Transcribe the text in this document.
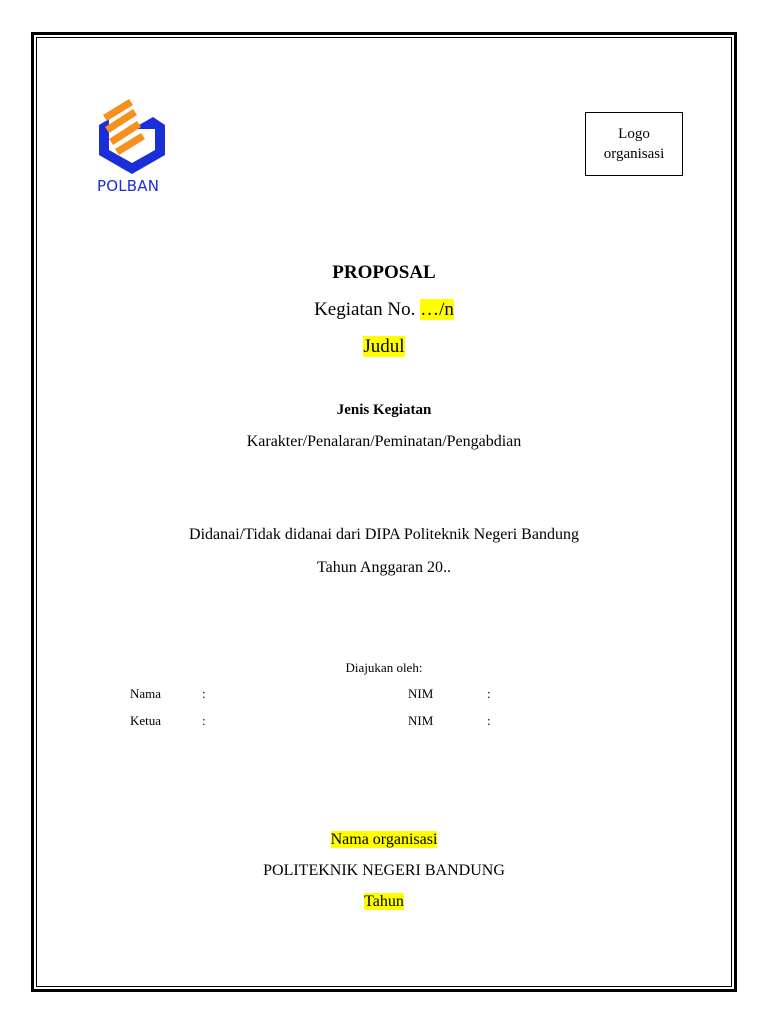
POLBAN
Logo
organisasi
PROPOSAL
Kegiatan No. …/n
Judul
Jenis Kegiatan
Karakter/Penalaran/Peminatan/Pengabdian
Didanai/Tidak didanai dari DIPA Politeknik Negeri Bandung
Tahun Anggaran 20..
Diajukan oleh:
Nama	:	NIM	:
Ketua	:	NIM	:
Nama organisasi
POLITEKNIK NEGERI BANDUNG
Tahun
